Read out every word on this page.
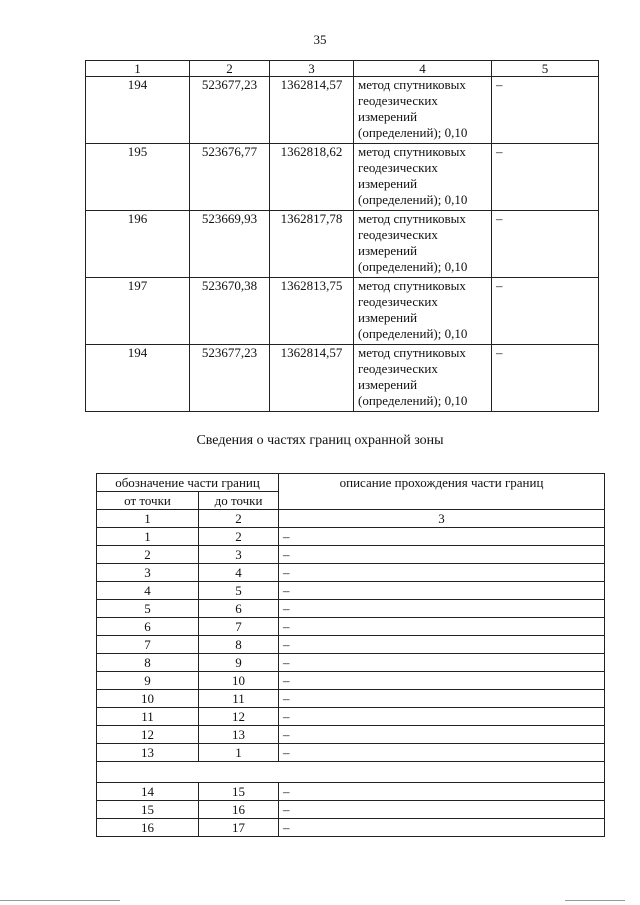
35
1	2	3	4	5
194	523677,23	1362814,57	метод спутниковых геодезических измерений (определений); 0,10	–
195	523676,77	1362818,62	метод спутниковых геодезических измерений (определений); 0,10	–
196	523669,93	1362817,78	метод спутниковых геодезических измерений (определений); 0,10	–
197	523670,38	1362813,75	метод спутниковых геодезических измерений (определений); 0,10	–
194	523677,23	1362814,57	метод спутниковых геодезических измерений (определений); 0,10	–
Сведения о частях границ охранной зоны
обозначение части границ		описание прохождения части границ
от точки	до точки	
1	2	3
1	2	–
2	3	–
3	4	–
4	5	–
5	6	–
6	7	–
7	8	–
8	9	–
9	10	–
10	11	–
11	12	–
12	13	–
13	1	–

14	15	–
15	16	–
16	17	–
